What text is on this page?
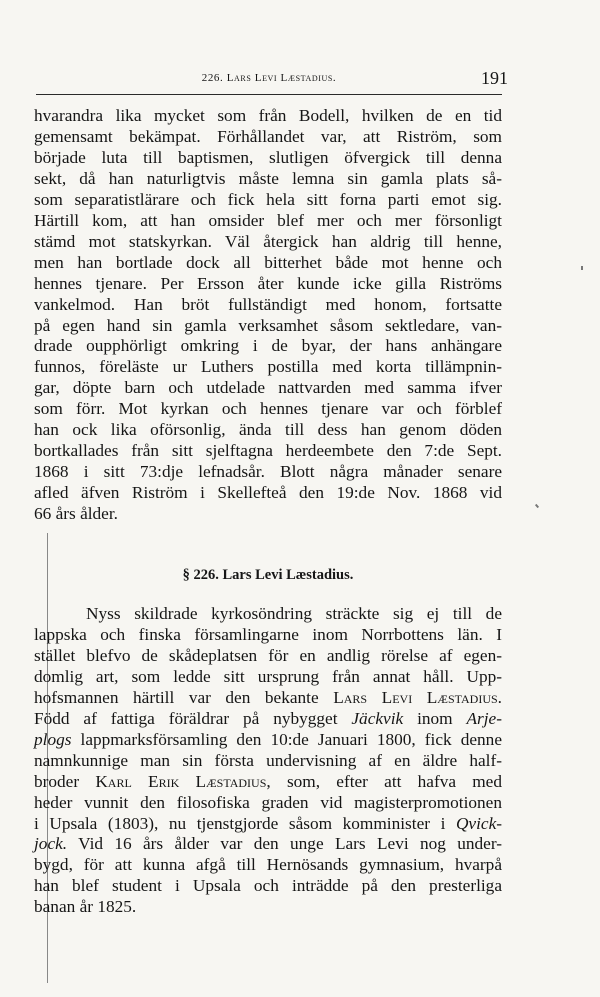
226. Lars Levi Læstadius.	191
hvarandra lika mycket som från Bodell, hvilken de en tid
gemensamt bekämpat. Förhållandet var, att Riström, som
började luta till baptismen, slutligen öfvergick till denna
sekt, då han naturligtvis måste lemna sin gamla plats så-
som separatistlärare och fick hela sitt forna parti emot sig.
Härtill kom, att han omsider blef mer och mer försonligt
stämd mot statskyrkan. Väl återgick han aldrig till henne,
men han bortlade dock all bitterhet både mot henne och
hennes tjenare. Per Ersson åter kunde icke gilla Riströms
vankelmod. Han bröt fullständigt med honom, fortsatte
på egen hand sin gamla verksamhet såsom sektledare, van-
drade oupphörligt omkring i de byar, der hans anhängare
funnos, föreläste ur Luthers postilla med korta tillämpnin-
gar, döpte barn och utdelade nattvarden med samma ifver
som förr. Mot kyrkan och hennes tjenare var och förblef
han ock lika oförsonlig, ända till dess han genom döden
bortkallades från sitt sjelftagna herdeembete den 7:de Sept.
1868 i sitt 73:dje lefnadsår. Blott några månader senare
afled äfven Riström i Skellefteå den 19:de Nov. 1868 vid
66 års ålder.
§ 226. Lars Levi Læstadius.
Nyss skildrade kyrkosöndring sträckte sig ej till de
lappska och finska församlingarne inom Norrbottens län. I
stället blefvo de skådeplatsen för en andlig rörelse af egen-
domlig art, som ledde sitt ursprung från annat håll. Upp-
hofsmannen härtill var den bekante Lars Levi Læstadius.
Född af fattiga föräldrar på nybygget Jäckvik inom Arje-
plogs lappmarksförsamling den 10:de Januari 1800, fick denne
namnkunnige man sin första undervisning af en äldre half-
broder Karl Erik Læstadius, som, efter att hafva med
heder vunnit den filosofiska graden vid magisterpromotionen
i Upsala (1803), nu tjenstgjorde såsom komminister i Qvick-
jock. Vid 16 års ålder var den unge Lars Levi nog under-
bygd, för att kunna afgå till Hernösands gymnasium, hvarpå
han blef student i Upsala och inträdde på den presterliga
banan år 1825.
